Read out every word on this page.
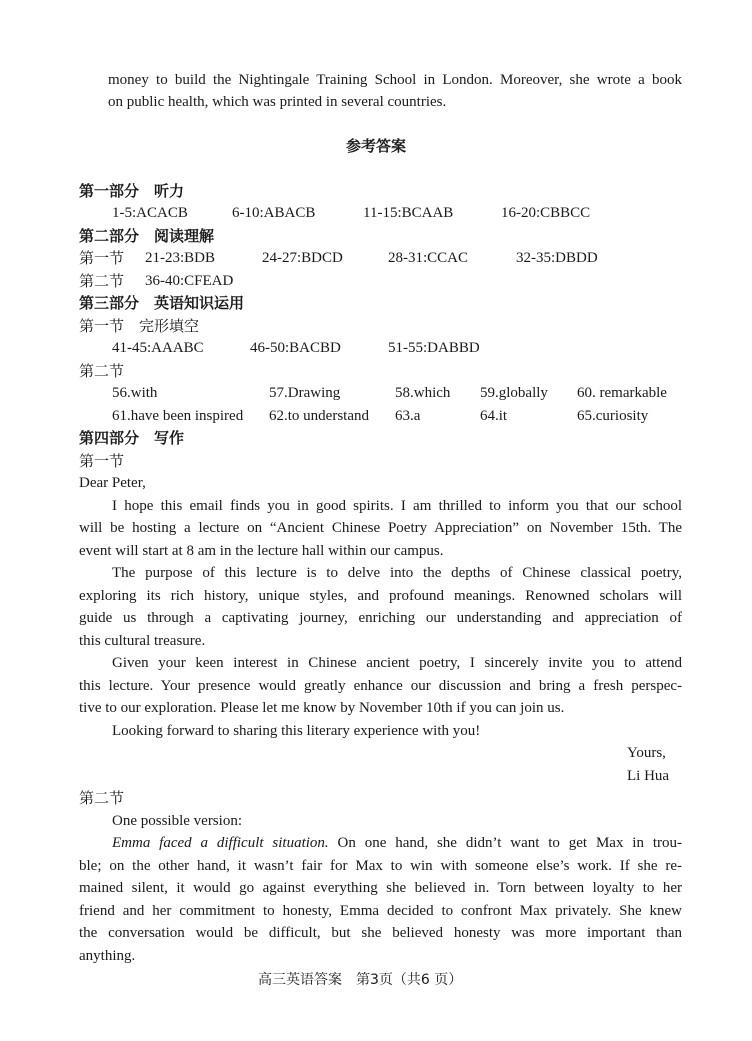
money to build the Nightingale Training School in London. Moreover, she wrote a book
on public health, which was printed in several countries.
参考答案
第一部分　听力
1-5:ACACB	6-10:ABACB	11-15:BCAAB	16-20:CBBCC
第二部分　阅读理解
第一节 21-23:BDB	24-27:BDCD	28-31:CCAC	32-35:DBDD
第二节 36-40:CFEAD
第三部分　英语知识运用
第一节　完形填空
41-45:AAABC	46-50:BACBD	51-55:DABBD
第二节
56.with	57.Drawing	58.which 59.globally 60. remarkable
61.have been inspired 62.to understand 63.a	64.it	65.curiosity
第四部分　写作
第一节
Dear Peter,
I hope this email finds you in good spirits. I am thrilled to inform you that our school
will be hosting a lecture on “Ancient Chinese Poetry Appreciation” on November 15th. The
event will start at 8 am in the lecture hall within our campus.
The purpose of this lecture is to delve into the depths of Chinese classical poetry,
exploring its rich history, unique styles, and profound meanings. Renowned scholars will
guide us through a captivating journey, enriching our understanding and appreciation of
this cultural treasure.
Given your keen interest in Chinese ancient poetry, I sincerely invite you to attend
this lecture. Your presence would greatly enhance our discussion and bring a fresh perspec-
tive to our exploration. Please let me know by November 10th if you can join us.
Looking forward to sharing this literary experience with you!
Yours,
Li Hua
第二节
One possible version:
Emma faced a difficult situation. On one hand, she didn’t want to get Max in trou-
ble; on the other hand, it wasn’t fair for Max to win with someone else’s work. If she re-
mained silent, it would go against everything she believed in. Torn between loyalty to her
friend and her commitment to honesty, Emma decided to confront Max privately. She knew
the conversation would be difficult, but she believed honesty was more important than
anything.
高三英语答案　第3页（共6 页）
